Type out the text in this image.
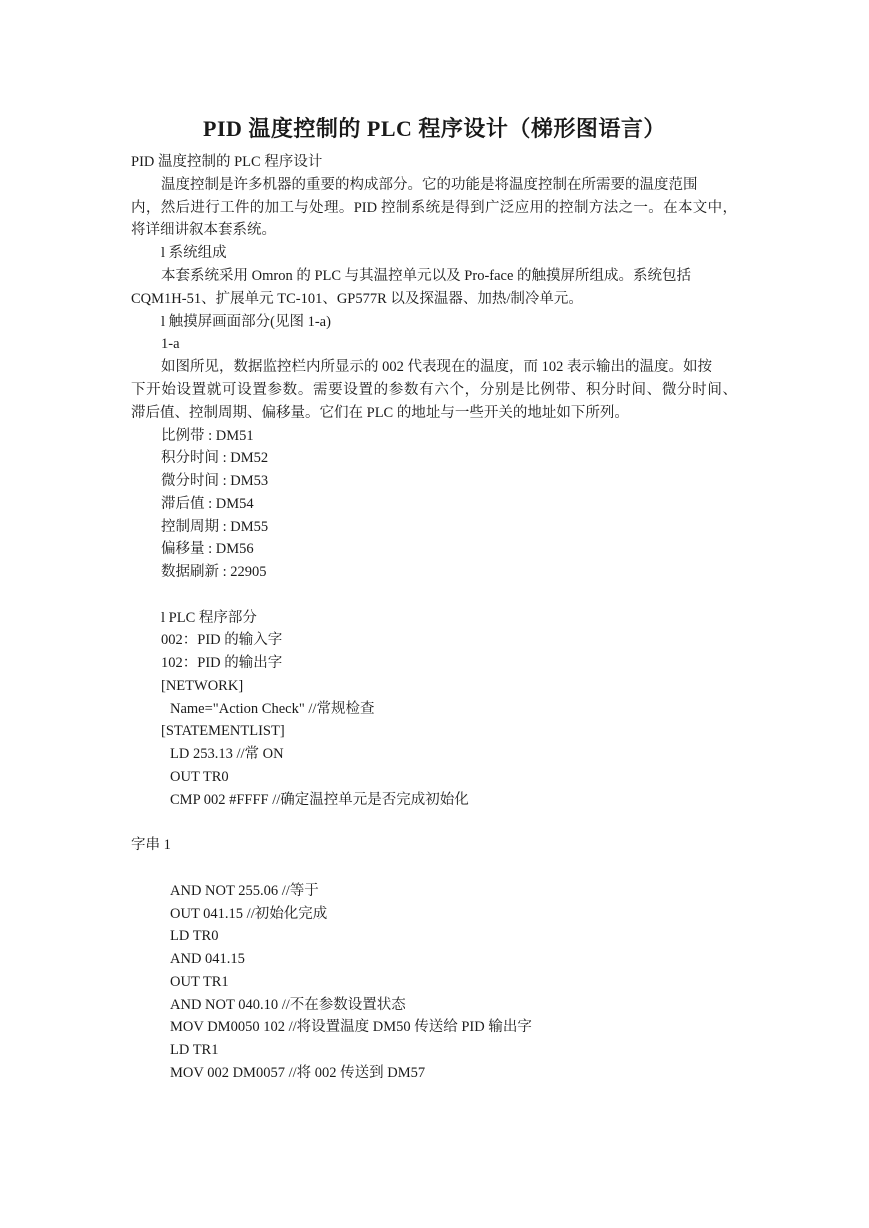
PID 温度控制的 PLC 程序设计（梯形图语言）
PID 温度控制的 PLC 程序设计
温度控制是许多机器的重要的构成部分。它的功能是将温度控制在所需要的温度范围
内，然后进行工件的加工与处理。PID 控制系统是得到广泛应用的控制方法之一。在本文中，
将详细讲叙本套系统。
l 系统组成
本套系统采用 Omron 的 PLC 与其温控单元以及 Pro-face 的触摸屏所组成。系统包括
CQM1H-51、扩展单元 TC-101、GP577R 以及探温器、加热/制冷单元。
l 触摸屏画面部分(见图 1-a)
1-a
如图所见，数据监控栏内所显示的 002 代表现在的温度，而 102 表示输出的温度。如按
下开始设置就可设置参数。需要设置的参数有六个，分别是比例带、积分时间、微分时间、
滞后值、控制周期、偏移量。它们在 PLC 的地址与一些开关的地址如下所列。
比例带 : DM51
积分时间 : DM52
微分时间 : DM53
滞后值 : DM54
控制周期 : DM55
偏移量 : DM56
数据刷新 : 22905
l PLC 程序部分
002：PID 的输入字
102：PID 的输出字
[NETWORK]
Name="Action Check" //常规检查
[STATEMENTLIST]
LD 253.13 //常 ON
OUT TR0
CMP 002 #FFFF //确定温控单元是否完成初始化
字串 1
AND NOT 255.06 //等于
OUT 041.15 //初始化完成
LD TR0
AND 041.15
OUT TR1
AND NOT 040.10 //不在参数设置状态
MOV DM0050 102 //将设置温度 DM50 传送给 PID 输出字
LD TR1
MOV 002 DM0057 //将 002 传送到 DM57
